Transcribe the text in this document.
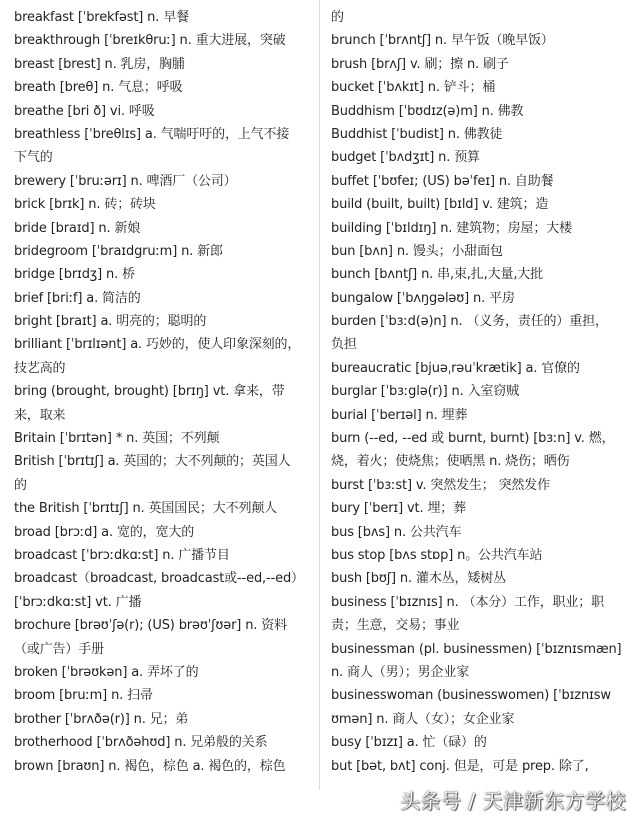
breakfast [ˈbrekfəst] n. 早餐
breakthrough [ˈbreɪkθruː] n. 重大进展，突破
breast [brest] n. 乳房，胸脯
breath [breθ] n. 气息；呼吸
breathe [bri ð] vi. 呼吸
breathless [ˈbreθlɪs] a. 气喘吁吁的，上气不接
下气的
brewery [ˈbruːərɪ] n. 啤酒厂（公司）
brick [brɪk] n. 砖；砖块
bride [braɪd] n. 新娘
bridegroom [ˈbraɪdgruːm] n. 新郎
bridge [brɪdʒ] n. 桥
brief [briːf] a. 简洁的
bright [braɪt] a. 明亮的；聪明的
brilliant [ˈbrɪlɪənt] a. 巧妙的，使人印象深刻的，
技艺高的
bring (brought, brought) [brɪŋ] vt. 拿来，带
来，取来
Britain [ˈbrɪtən] * n. 英国；不列颠
British [ˈbrɪtɪʃ] a. 英国的；大不列颠的；英国人
的
the British [ˈbrɪtɪʃ] n. 英国国民；大不列颠人
broad [brɔːd] a. 宽的，宽大的
broadcast [ˈbrɔːdkɑːst] n. 广播节目
broadcast（broadcast, broadcast或--ed,--ed）
[ˈbrɔːdkɑːst] vt. 广播
brochure [brəʊˈʃə(r); (US) brəʊˈʃʊər] n. 资料
（或广告）手册
broken [ˈbrəʊkən] a. 弄坏了的
broom [bruːm] n. 扫帚
brother [ˈbrʌðə(r)] n. 兄；弟
brotherhood [ˈbrʌðəhʊd] n. 兄弟般的关系
brown [braʊn] n. 褐色，棕色 a. 褐色的，棕色
的
brunch [ˈbrʌntʃ] n. 早午饭（晚早饭）
brush [brʌʃ] v. 刷；擦 n. 刷子
bucket [ˈbʌkɪt] n. 铲斗；桶
Buddhism [ˈbʊdɪz(ə)m] n. 佛教
Buddhist [ˈbudist] n. 佛教徒
budget [ˈbʌdʒɪt] n. 预算
buffet [ˈbʊfeɪ; (US) bəˈfeɪ] n. 自助餐
build (built, built) [bɪld] v. 建筑；造
building [ˈbɪldɪŋ] n. 建筑物；房屋；大楼
bun [bʌn] n. 馒头；小甜面包
bunch [bʌntʃ] n. 串,束,扎,大量,大批
bungalow [ˈbʌŋgələʊ] n. 平房
burden [ˈbɜːd(ə)n] n. （义务，责任的）重担，
负担
bureaucratic [bjuəˌrəuˈkrætik] a. 官僚的
burglar [ˈbɜːglə(r)] n. 入室窃贼
burial [ˈberɪəl] n. 埋葬
burn (--ed, --ed 或 burnt, burnt) [bɜːn] v. 燃，
烧，着火；使烧焦；使晒黑 n. 烧伤；晒伤
burst [ˈbɜːst] v. 突然发生； 突然发作
bury [ˈberɪ] vt. 埋；葬
bus [bʌs] n. 公共汽车
bus stop [bʌs stɒp] n。公共汽车站
bush [bʊʃ] n. 灌木丛，矮树丛
business [ˈbɪznɪs] n. （本分）工作，职业；职
责；生意，交易；事业
businessman (pl. businessmen) [ˈbɪznɪsmæn]
n. 商人（男）；男企业家
businesswoman (businesswomen) [ˈbɪznɪsw
ʊmən] n. 商人（女）；女企业家
busy [ˈbɪzɪ] a. 忙（碌）的
but [bət, bʌt] conj. 但是，可是 prep. 除了,
头条号 / 天津新东方学校
